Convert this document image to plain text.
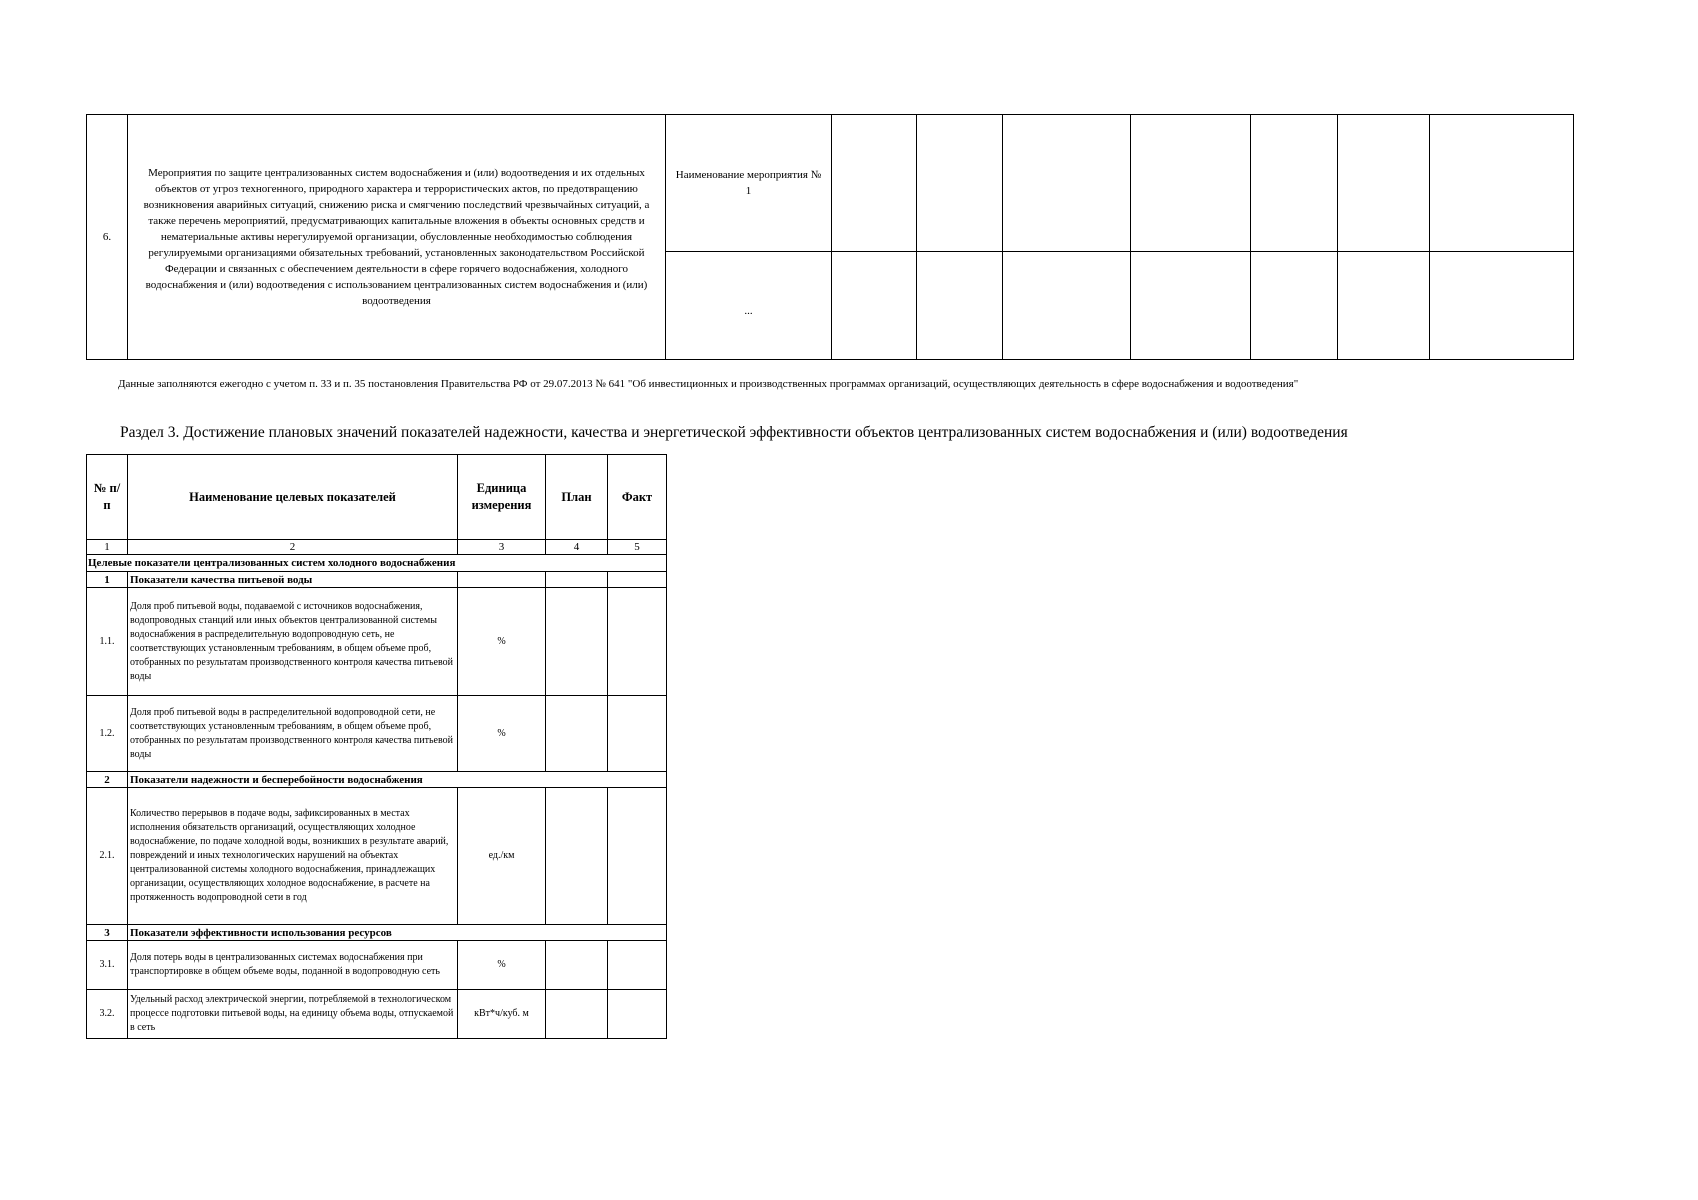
6.	Мероприятия по защите централизованных систем водоснабжения и (или) водоотведения и их отдельных объектов от угроз техногенного, природного характера и террористических актов, по предотвращению возникновения аварийных ситуаций, снижению риска и смягчению последствий чрезвычайных ситуаций, а также перечень мероприятий, предусматривающих капитальные вложения в объекты основных средств и нематериальные активы нерегулируемой организации, обусловленные необходимостью соблюдения регулируемыми организациями обязательных требований, установленных законодательством Российской Федерации и связанных с обеспечением деятельности в сфере горячего водоснабжения, холодного водоснабжения и (или) водоотведения с использованием централизованных систем водоснабжения и (или) водоотведения	Наименование мероприятия № 1							
		...							
Данные заполняются ежегодно с учетом п. 33 и п. 35 постановления Правительства РФ от 29.07.2013 № 641 "Об инвестиционных и производственных программах организаций, осуществляющих деятельность в сфере водоснабжения и водоотведения"
Раздел 3. Достижение плановых значений показателей надежности, качества и энергетической эффективности объектов централизованных систем водоснабжения и (или) водоотведения
№ п/п	Наименование целевых показателей	Единица измерения	План	Факт
1	2	3	4	5
Целевые показатели централизованных систем холодного водоснабжения				
1	Показатели качества питьевой воды			
1.1.	Доля проб питьевой воды, подаваемой с источников водоснабжения, водопроводных станций или иных объектов централизованной системы водоснабжения в распределительную водопроводную сеть, не соответствующих установленным требованиям, в общем объеме проб, отобранных по результатам производственного контроля качества питьевой воды	%		
1.2.	Доля проб питьевой воды в распределительной водопроводной сети, не соответствующих установленным требованиям, в общем объеме проб, отобранных по результатам производственного контроля качества питьевой воды	%		
2	Показатели надежности и бесперебойности водоснабжения			
2.1.	Количество перерывов в подаче воды, зафиксированных в местах исполнения обязательств организаций, осуществляющих холодное водоснабжение, по подаче холодной воды, возникших в результате аварий, повреждений и иных технологических нарушений на объектах централизованной системы холодного водоснабжения, принадлежащих организации, осуществляющих холодное водоснабжение, в расчете на протяженность водопроводной сети в год	ед./км		
3	Показатели эффективности использования ресурсов			
3.1.	Доля потерь воды в централизованных системах водоснабжения при транспортировке в общем объеме воды, поданной в водопроводную сеть	%		
3.2.	Удельный расход электрической энергии, потребляемой в технологическом процессе подготовки питьевой воды, на единицу объема воды, отпускаемой в сеть	кВт*ч/куб. м		
